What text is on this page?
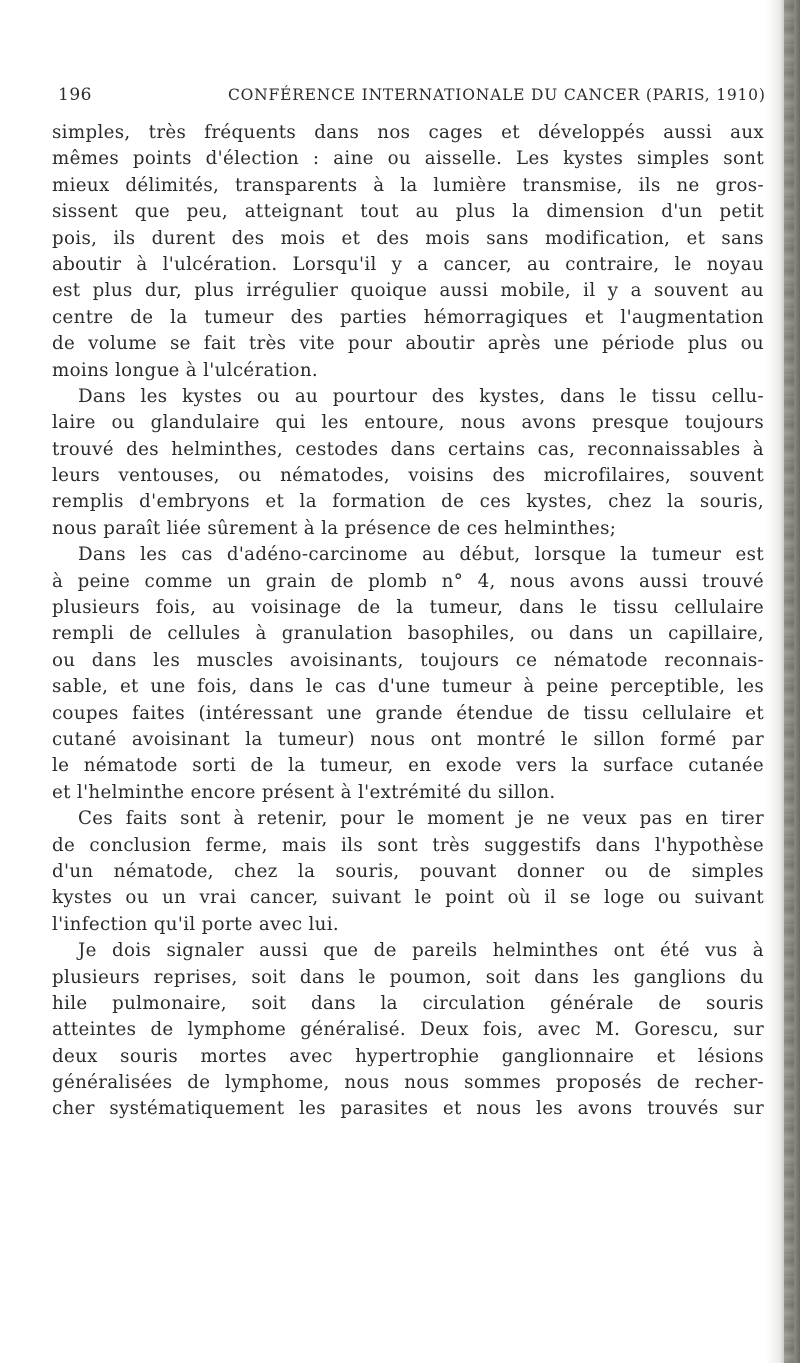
196	CONFÉRENCE INTERNATIONALE DU CANCER (PARIS, 1910)
simples, très fréquents dans nos cages et développés aussi aux
mêmes points d'élection : aine ou aisselle. Les kystes simples sont
mieux délimités, transparents à la lumière transmise, ils ne gros-
sissent que peu, atteignant tout au plus la dimension d'un petit
pois, ils durent des mois et des mois sans modification, et sans
aboutir à l'ulcération. Lorsqu'il y a cancer, au contraire, le noyau
est plus dur, plus irrégulier quoique aussi mobile, il y a souvent au
centre de la tumeur des parties hémorragiques et l'augmentation
de volume se fait très vite pour aboutir après une période plus ou
moins longue à l'ulcération.
Dans les kystes ou au pourtour des kystes, dans le tissu cellu-
laire ou glandulaire qui les entoure, nous avons presque toujours
trouvé des helminthes, cestodes dans certains cas, reconnaissables à
leurs ventouses, ou nématodes, voisins des microfilaires, souvent
remplis d'embryons et la formation de ces kystes, chez la souris,
nous paraît liée sûrement à la présence de ces helminthes;
Dans les cas d'adéno-carcinome au début, lorsque la tumeur est
à peine comme un grain de plomb n° 4, nous avons aussi trouvé
plusieurs fois, au voisinage de la tumeur, dans le tissu cellulaire
rempli de cellules à granulation basophiles, ou dans un capillaire,
ou dans les muscles avoisinants, toujours ce nématode reconnais-
sable, et une fois, dans le cas d'une tumeur à peine perceptible, les
coupes faites (intéressant une grande étendue de tissu cellulaire et
cutané avoisinant la tumeur) nous ont montré le sillon formé par
le nématode sorti de la tumeur, en exode vers la surface cutanée
et l'helminthe encore présent à l'extrémité du sillon.
Ces faits sont à retenir, pour le moment je ne veux pas en tirer
de conclusion ferme, mais ils sont très suggestifs dans l'hypothèse
d'un nématode, chez la souris, pouvant donner ou de simples
kystes ou un vrai cancer, suivant le point où il se loge ou suivant
l'infection qu'il porte avec lui.
Je dois signaler aussi que de pareils helminthes ont été vus à
plusieurs reprises, soit dans le poumon, soit dans les ganglions du
hile pulmonaire, soit dans la circulation générale de souris
atteintes de lymphome généralisé. Deux fois, avec M. Gorescu, sur
deux souris mortes avec hypertrophie ganglionnaire et lésions
généralisées de lymphome, nous nous sommes proposés de recher-
cher systématiquement les parasites et nous les avons trouvés sur
